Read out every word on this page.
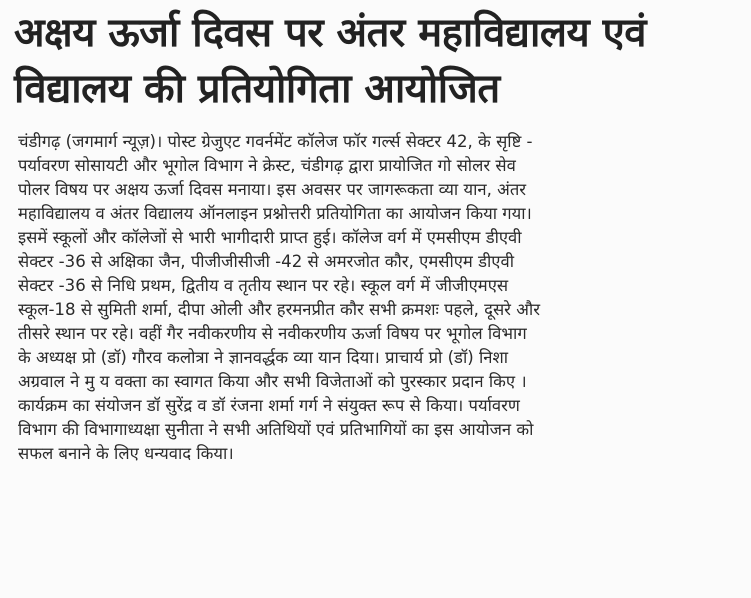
अक्षय ऊर्जा दिवस पर अंतर महाविद्यालय एवं
विद्यालय की प्रतियोगिता आयोजित
चंडीगढ़ (जगमार्ग न्यूज़)। पोस्ट ग्रेजुएट गवर्नमेंट कॉलेज फॉर गर्ल्स सेक्टर 42, के सृष्टि -
पर्यावरण सोसायटी और भूगोल विभाग ने क्रेस्ट, चंडीगढ़ द्वारा प्रायोजित गो सोलर सेव
पोलर विषय पर अक्षय ऊर्जा दिवस मनाया। इस अवसर पर जागरूकता व्या यान, अंतर
महाविद्यालय व अंतर विद्यालय ऑनलाइन प्रश्नोत्तरी प्रतियोगिता का आयोजन किया गया।
इसमें स्कूलों और कॉलेजों से भारी भागीदारी प्राप्त हुई। कॉलेज वर्ग में एमसीएम डीएवी
सेक्टर -36 से अक्षिका जैन, पीजीजीसीजी -42 से अमरजोत कौर, एमसीएम डीएवी
सेक्टर -36 से निधि प्रथम, द्वितीय व तृतीय स्थान पर रहे। स्कूल वर्ग में जीजीएमएस
स्कूल-18 से सुमिती शर्मा, दीपा ओली और हरमनप्रीत कौर सभी क्रमशः पहले, दूसरे और
तीसरे स्थान पर रहे। वहीं गैर नवीकरणीय से नवीकरणीय ऊर्जा विषय पर भूगोल विभाग
के अध्यक्ष प्रो (डॉ) गौरव कलोत्रा ने ज्ञानवर्द्धक व्या यान दिया। प्राचार्य प्रो (डॉ) निशा
अग्रवाल ने मु य वक्ता का स्वागत किया और सभी विजेताओं को पुरस्कार प्रदान किए ।
कार्यक्रम का संयोजन डॉ सुरेंद्र व डॉ रंजना शर्मा गर्ग ने संयुक्त रूप से किया। पर्यावरण
विभाग की विभागाध्यक्षा सुनीता ने सभी अतिथियों एवं प्रतिभागियों का इस आयोजन को
सफल बनाने के लिए धन्यवाद किया।
